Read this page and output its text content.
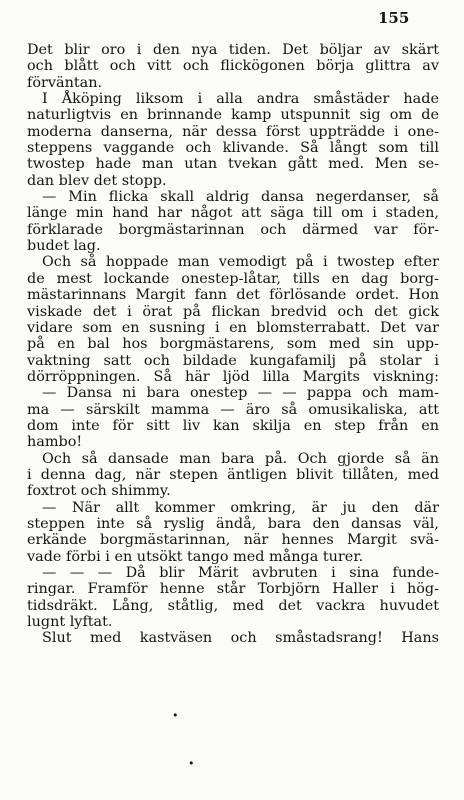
155
Det blir oro i den nya tiden. Det böljar av skärt
och blått och vitt och flickögonen börja glittra av
förväntan.
I Åköping liksom i alla andra småstäder hade
naturligtvis en brinnande kamp utspunnit sig om de
moderna danserna, när dessa först uppträdde i one-
steppens vaggande och klivande. Så långt som till
twostep hade man utan tvekan gått med. Men se-
dan blev det stopp.
— Min flicka skall aldrig dansa negerdanser, så
länge min hand har något att säga till om i staden,
förklarade borgmästarinnan och därmed var för-
budet lag.
Och så hoppade man vemodigt på i twostep efter
de mest lockande onestep-låtar, tills en dag borg-
mästarinnans Margit fann det förlösande ordet. Hon
viskade det i örat på flickan bredvid och det gick
vidare som en susning i en blomsterrabatt. Det var
på en bal hos borgmästarens, som med sin upp-
vaktning satt och bildade kungafamilj på stolar i
dörröppningen. Så här ljöd lilla Margits viskning:
— Dansa ni bara onestep — — pappa och mam-
ma — särskilt mamma — äro så omusikaliska, att
dom inte för sitt liv kan skilja en step från en
hambo!
Och så dansade man bara på. Och gjorde så än
i denna dag, när stepen äntligen blivit tillåten, med
foxtrot och shimmy.
— När allt kommer omkring, är ju den där
steppen inte så ryslig ändå, bara den dansas väl,
erkände borgmästarinnan, när hennes Margit svä-
vade förbi i en utsökt tango med många turer.
— — — Då blir Märit avbruten i sina funde-
ringar. Framför henne står Torbjörn Haller i hög-
tidsdräkt. Lång, ståtlig, med det vackra huvudet
lugnt lyftat.
Slut med kastväsen och småstadsrang! Hans
•
•
